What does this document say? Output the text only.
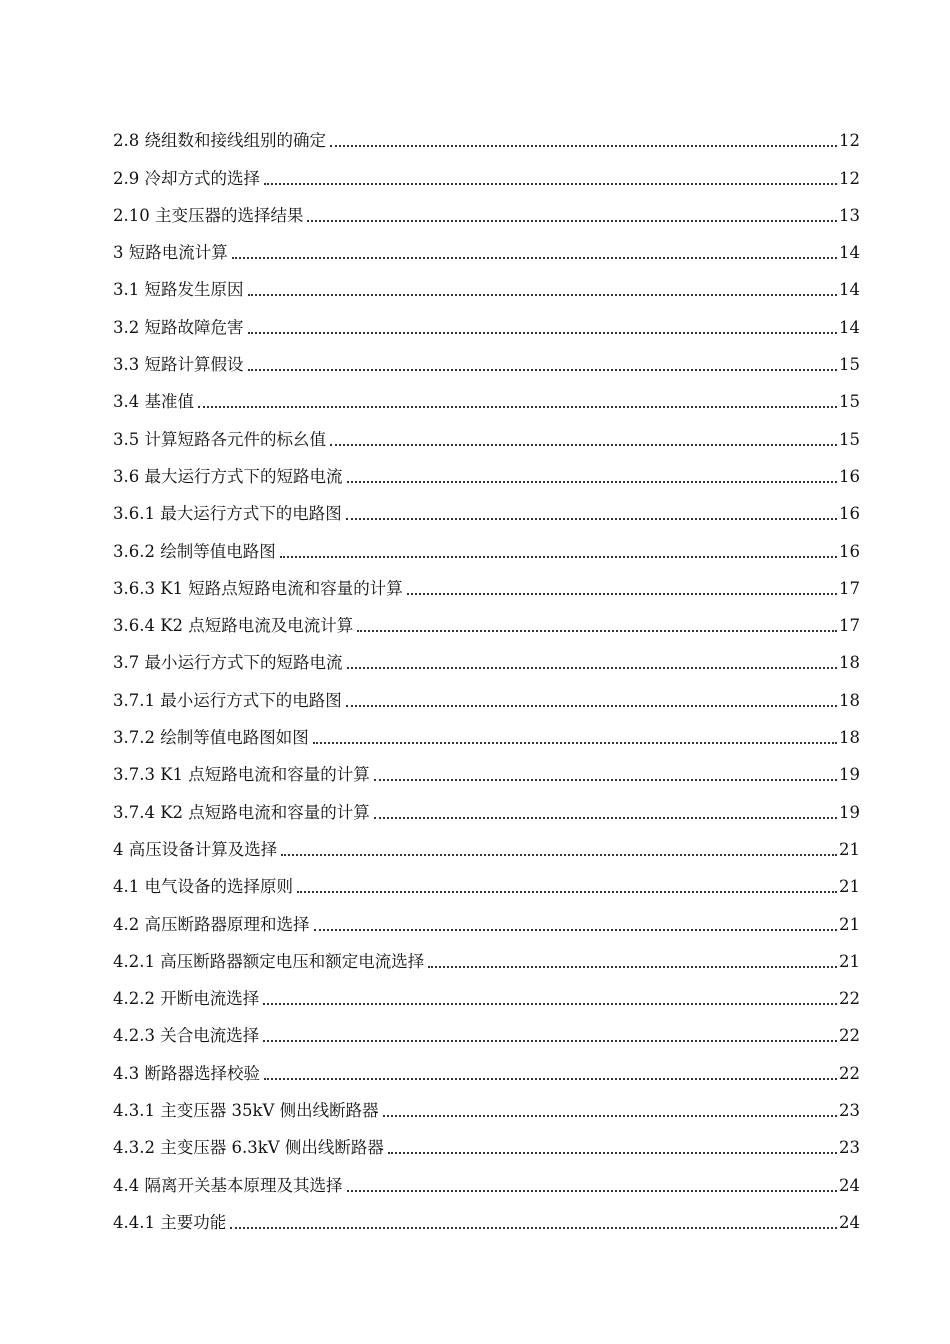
2.8 绕组数和接线组别的确定	12
2.9 冷却方式的选择	12
2.10 主变压器的选择结果	13
3 短路电流计算	14
3.1 短路发生原因	14
3.2 短路故障危害	14
3.3 短路计算假设	15
3.4 基准值	15
3.5 计算短路各元件的标幺值	15
3.6 最大运行方式下的短路电流	16
3.6.1 最大运行方式下的电路图	16
3.6.2 绘制等值电路图	16
3.6.3 K1 短路点短路电流和容量的计算	17
3.6.4 K2 点短路电流及电流计算	17
3.7 最小运行方式下的短路电流	18
3.7.1 最小运行方式下的电路图	18
3.7.2 绘制等值电路图如图	18
3.7.3 K1 点短路电流和容量的计算	19
3.7.4 K2 点短路电流和容量的计算	19
4 高压设备计算及选择	21
4.1 电气设备的选择原则	21
4.2 高压断路器原理和选择	21
4.2.1 高压断路器额定电压和额定电流选择	21
4.2.2 开断电流选择	22
4.2.3 关合电流选择	22
4.3 断路器选择校验	22
4.3.1 主变压器 35kV 侧出线断路器	23
4.3.2 主变压器 6.3kV 侧出线断路器	23
4.4 隔离开关基本原理及其选择	24
4.4.1 主要功能	24
